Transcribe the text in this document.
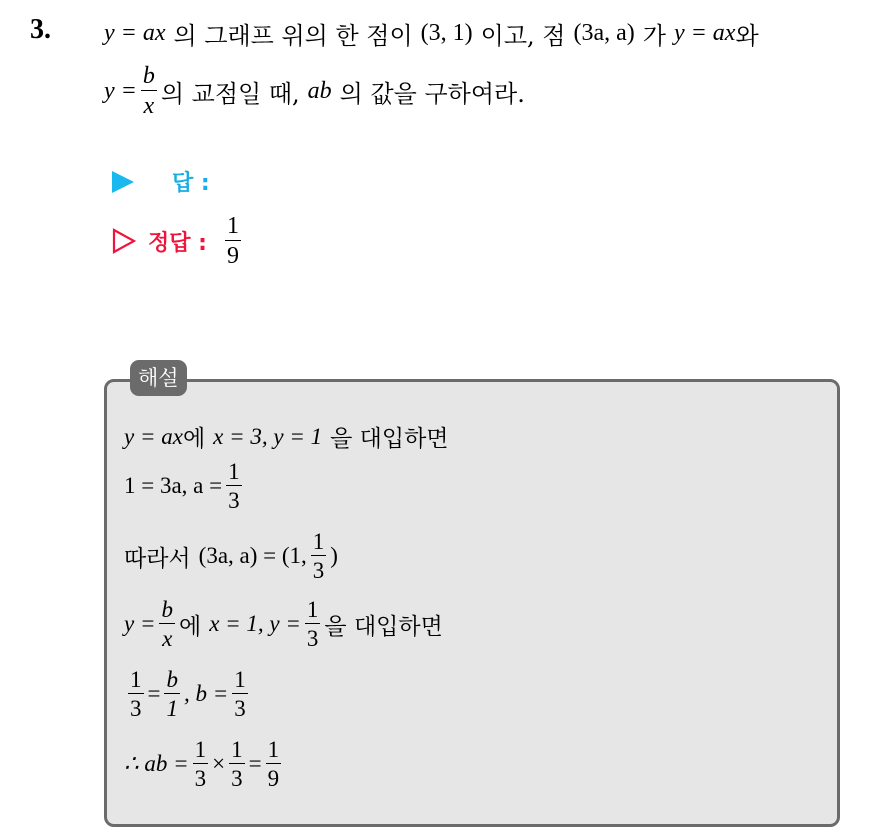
3. y = ax 의 그래프 위의 한 점이 (3, 1) 이고, 점 (3a, a) 가 y = ax 와
$y = \frac{b}{x}$ 의 교점일 때, ab 의 값을 구하여라.
답 :
정답 : $\frac{1}{9}$
해설
y = ax 에 x = 3, y = 1 을 대입하면
1 = 3a, $a = \frac{1}{3}$
따라서 (3a, a) = (1, $\frac{1}{3}$ )
$y = \frac{b}{x}$ 에 x = 1, $y = \frac{1}{3}$ 을 대입하면
$\frac{1}{3} = \frac{b}{1}$ , $b = \frac{1}{3}$
∴ ab = $\frac{1}{3} \times \frac{1}{3} = \frac{1}{9}$
